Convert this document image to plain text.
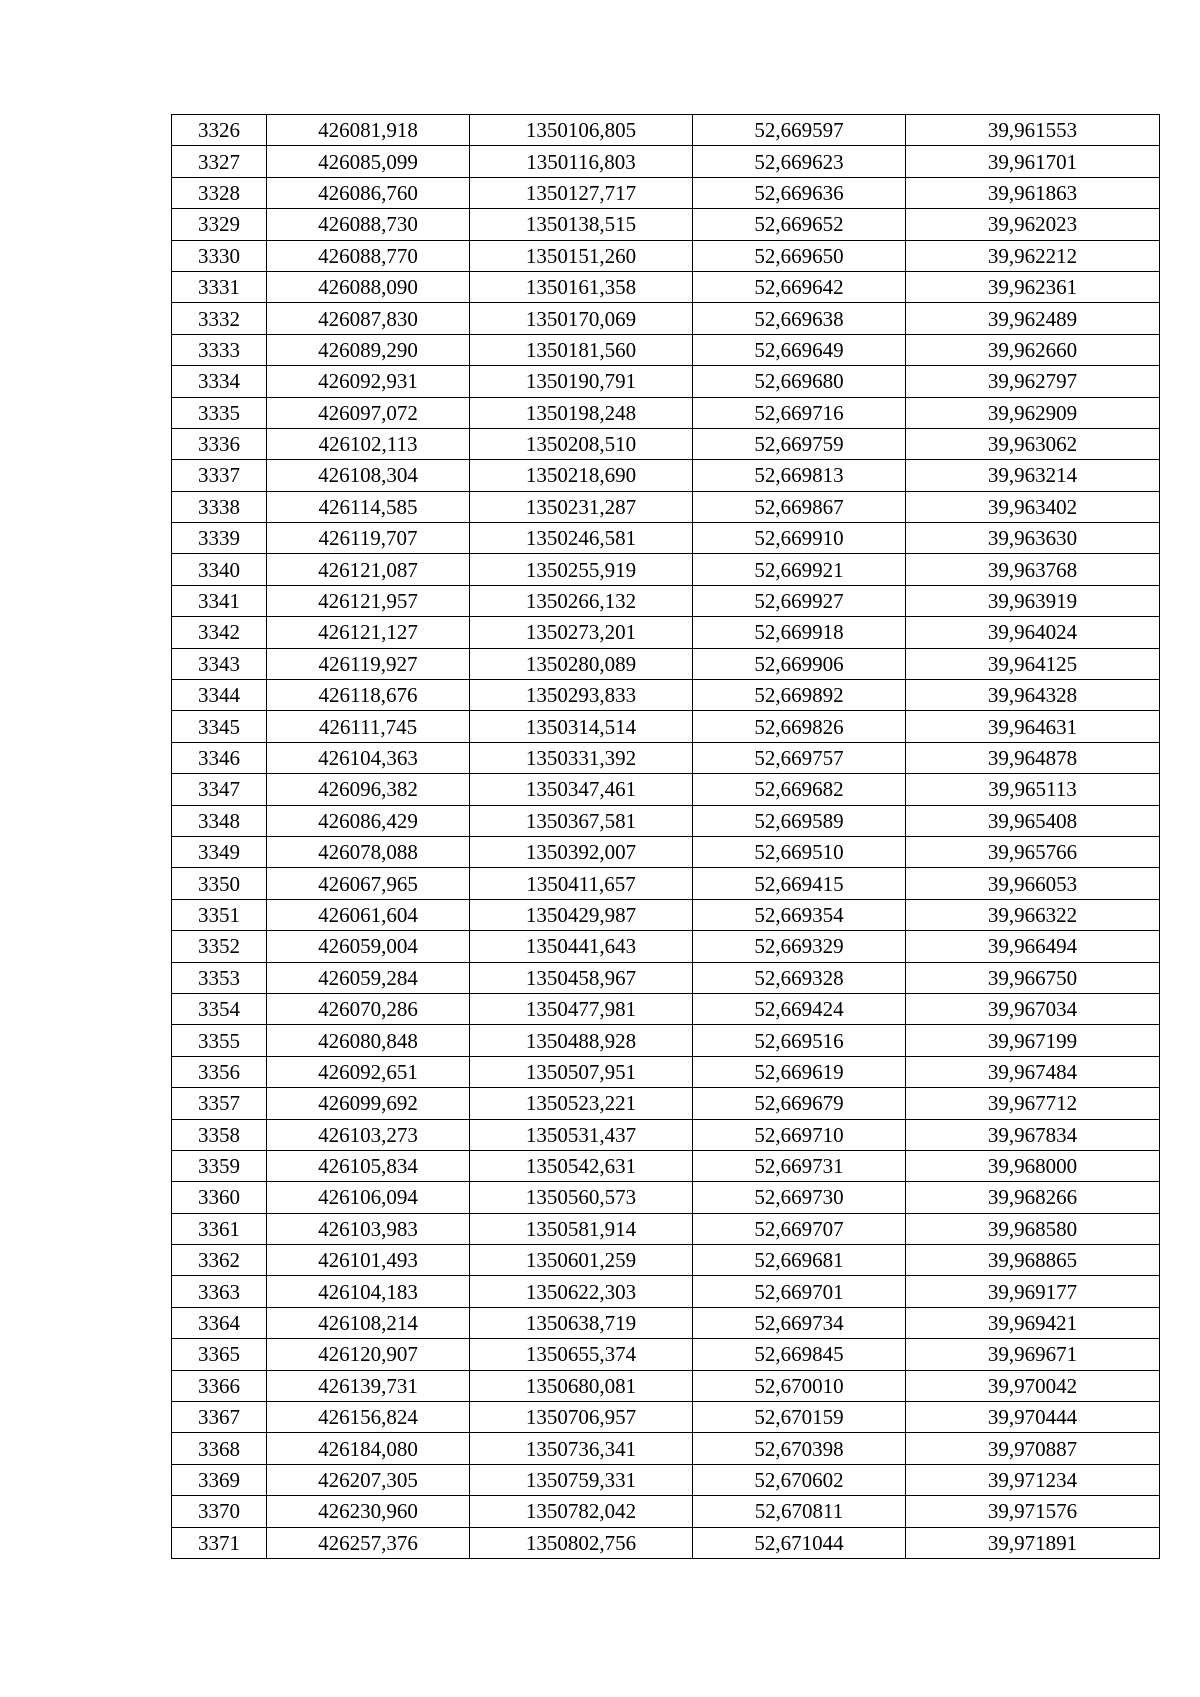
3326	426081,918	1350106,805	52,669597	39,961553
3327	426085,099	1350116,803	52,669623	39,961701
3328	426086,760	1350127,717	52,669636	39,961863
3329	426088,730	1350138,515	52,669652	39,962023
3330	426088,770	1350151,260	52,669650	39,962212
3331	426088,090	1350161,358	52,669642	39,962361
3332	426087,830	1350170,069	52,669638	39,962489
3333	426089,290	1350181,560	52,669649	39,962660
3334	426092,931	1350190,791	52,669680	39,962797
3335	426097,072	1350198,248	52,669716	39,962909
3336	426102,113	1350208,510	52,669759	39,963062
3337	426108,304	1350218,690	52,669813	39,963214
3338	426114,585	1350231,287	52,669867	39,963402
3339	426119,707	1350246,581	52,669910	39,963630
3340	426121,087	1350255,919	52,669921	39,963768
3341	426121,957	1350266,132	52,669927	39,963919
3342	426121,127	1350273,201	52,669918	39,964024
3343	426119,927	1350280,089	52,669906	39,964125
3344	426118,676	1350293,833	52,669892	39,964328
3345	426111,745	1350314,514	52,669826	39,964631
3346	426104,363	1350331,392	52,669757	39,964878
3347	426096,382	1350347,461	52,669682	39,965113
3348	426086,429	1350367,581	52,669589	39,965408
3349	426078,088	1350392,007	52,669510	39,965766
3350	426067,965	1350411,657	52,669415	39,966053
3351	426061,604	1350429,987	52,669354	39,966322
3352	426059,004	1350441,643	52,669329	39,966494
3353	426059,284	1350458,967	52,669328	39,966750
3354	426070,286	1350477,981	52,669424	39,967034
3355	426080,848	1350488,928	52,669516	39,967199
3356	426092,651	1350507,951	52,669619	39,967484
3357	426099,692	1350523,221	52,669679	39,967712
3358	426103,273	1350531,437	52,669710	39,967834
3359	426105,834	1350542,631	52,669731	39,968000
3360	426106,094	1350560,573	52,669730	39,968266
3361	426103,983	1350581,914	52,669707	39,968580
3362	426101,493	1350601,259	52,669681	39,968865
3363	426104,183	1350622,303	52,669701	39,969177
3364	426108,214	1350638,719	52,669734	39,969421
3365	426120,907	1350655,374	52,669845	39,969671
3366	426139,731	1350680,081	52,670010	39,970042
3367	426156,824	1350706,957	52,670159	39,970444
3368	426184,080	1350736,341	52,670398	39,970887
3369	426207,305	1350759,331	52,670602	39,971234
3370	426230,960	1350782,042	52,670811	39,971576
3371	426257,376	1350802,756	52,671044	39,971891
